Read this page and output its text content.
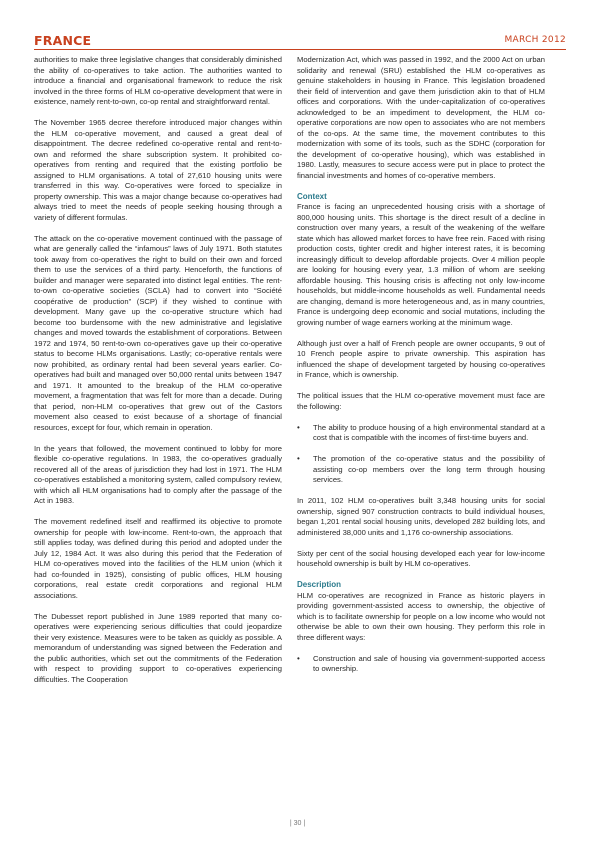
FRANCE	MARCH 2012

authorities to make three legislative changes that considerably diminished the ability of co-operatives to take action. The authorities wanted to introduce a financial and organisational framework to reduce the risk involved in the three forms of HLM co-operative development that were in existence, namely rent-to-own, co-op rental and straightforward rental.

The November 1965 decree therefore introduced major changes within the HLM co-operative movement, and caused a great deal of disappointment. The decree redefined co-operative rental and rent-to-own and reformed the share subscription system. It prohibited co-operatives from renting and required that the existing portfolio be assigned to HLM organisations. A total of 27,610 housing units were transferred in this way. Co-operatives were forced to specialize in property ownership. This was a major change because co-operatives had always tried to meet the needs of people seeking housing through a variety of different formulas.

The attack on the co-operative movement continued with the passage of what are generally called the “infamous” laws of July 1971. Both statutes took away from co-operatives the right to build on their own and forced them to use the services of a third party. Henceforth, the functions of builder and manager were separated into distinct legal entities. The rent-to-own co-operative societies (SCLA) had to convert into “Société coopérative de production” (SCP) if they wished to continue with development. Many gave up the co-operative structure which had become too burdensome with the new administrative and legislative changes and moved towards the establishment of corporations. Between 1972 and 1974, 50 rent-to-own co-operatives gave up their co-operative status to become HLMs organisations. Lastly; co-operative rentals were now prohibited, as ordinary rental had been several years earlier. Co-operatives had built and managed over 50,000 rental units between 1947 and 1971. It amounted to the breakup of the HLM co-operative movement, a fragmentation that was felt for more than a decade. During that period, non-HLM co-operatives that grew out of the Castors movement also ceased to exist because of a shortage of financial resources, except for four, which remain in operation.

In the years that followed, the movement continued to lobby for more flexible co-operative regulations. In 1983, the co-operatives gradually recovered all of the areas of jurisdiction they had lost in 1971. The HLM co-operatives established a monitoring system, called compulsory review, with which all HLM organisations had to comply after the passage of the Act in 1983.

The movement redefined itself and reaffirmed its objective to promote ownership for people with low-income. Rent-to-own, the approach that still applies today, was defined during this period and adopted under the July 12, 1984 Act. It was also during this period that the Federation of HLM co-operatives moved into the facilities of the HLM union (which it had co-founded in 1925), consisting of public offices, HLM housing corporations, real estate credit corporations and regional HLM associations.

The Dubesset report published in June 1989 reported that many co-operatives were experiencing serious difficulties that could jeopardize their very existence. Measures were to be taken as quickly as possible. A memorandum of understanding was signed between the Federation and the public authorities, which set out the commitments of the Federation with respect to providing support to co-operatives experiencing difficulties. The Cooperation

Modernization Act, which was passed in 1992, and the 2000 Act on urban solidarity and renewal (SRU) established the HLM co-operatives as genuine stakeholders in housing in France. This legislation broadened their field of intervention and gave them jurisdiction akin to that of HLM offices and corporations. With the under-capitalization of co-operatives acknowledged to be an impediment to development, the HLM co-operative corporations are now open to associates who are not members of the co-ops. At the same time, the movement contributes to this modernization with some of its tools, such as the SDHC (corporation for the development of co-operative housing), which was established in 1980. Lastly, measures to secure access were put in place to protect the financial investments and homes of co-operative members.

Context

France is facing an unprecedented housing crisis with a shortage of 800,000 housing units. This shortage is the direct result of a decline in construction over many years, a result of the weakening of the welfare state which has allowed market forces to have free rein. Faced with rising production costs, tighter credit and higher interest rates, it is becoming increasingly difficult to develop affordable projects. Over 4 million people are looking for housing every year, 1.3 million of whom are seeking affordable housing. This housing crisis is affecting not only low-income households, but middle-income households as well. Fundamental needs are changing, demand is more heterogeneous and, as in many countries, France is undergoing deep economic and social mutations, including the growing number of wage earners working at the minimum wage.

Although just over a half of French people are owner occupants, 9 out of 10 French people aspire to private ownership. This aspiration has influenced the shape of development targeted by housing co-operatives in France, which is ownership.

The political issues that the HLM co-operative movement must face are the following:

• The ability to produce housing of a high environmental standard at a cost that is compatible with the incomes of first-time buyers and.
• The promotion of the co-operative status and the possibility of assisting co-op members over the long term through housing services.

In 2011, 102 HLM co-operatives built 3,348 housing units for social ownership, signed 907 construction contracts to build individual houses, began 1,201 rental social housing units, developed 282 building lots, and administered 38,000 units and 1,176 co-ownership associations.

Sixty per cent of the social housing developed each year for low-income household ownership is built by HLM co-operatives.

Description

HLM co-operatives are recognized in France as historic players in providing government-assisted access to ownership, the objective of which is to facilitate ownership for people on a low income who would not otherwise be able to own their own housing. They perform this role in three different ways:

• Construction and sale of housing via government-supported access to ownership.
| 30 |
